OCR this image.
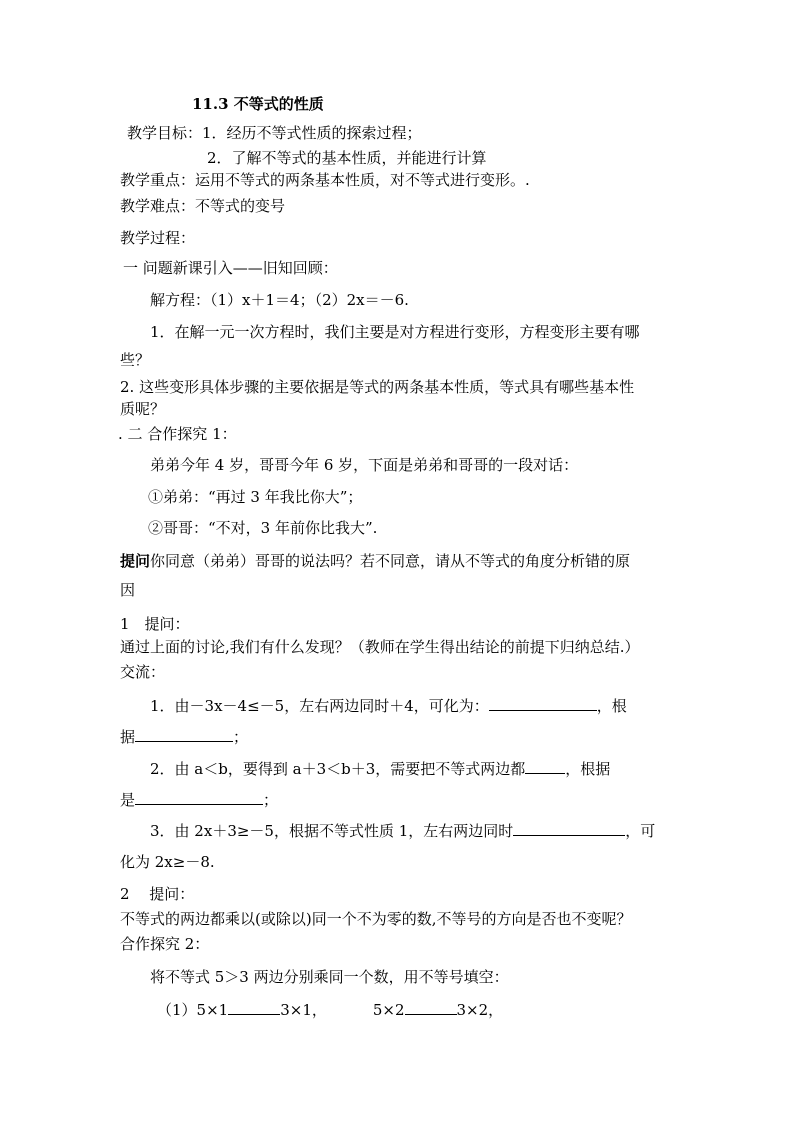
11.3 不等式的性质
教学目标：1．经历不等式性质的探索过程；
2．了解不等式的基本性质，并能进行计算
教学重点：运用不等式的两条基本性质，对不等式进行变形。.
教学难点：不等式的变号
教学过程：
一 问题新课引入——旧知回顾：
解方程：（1）x＋1＝4；（2）2x＝－6.
1．在解一元一次方程时，我们主要是对方程进行变形，方程变形主要有哪
些？
2. 这些变形具体步骤的主要依据是等式的两条基本性质，等式具有哪些基本性
质呢？
. 二 合作探究 1：
弟弟今年 4 岁，哥哥今年 6 岁，下面是弟弟和哥哥的一段对话：
①弟弟：“再过 3 年我比你大”；
②哥哥：“不对，3 年前你比我大”.
提问你同意（弟弟）哥哥的说法吗？若不同意，请从不等式的角度分析错的原
因
1　提问：
通过上面的讨论,我们有什么发现？（教师在学生得出结论的前提下归纳总结.）
交流：
1．由－3x－4≤－5，左右两边同时＋4，可化为：	，根
据	；
2．由 a＜b，要得到 a＋3＜b＋3，需要把不等式两边都	，根据
是	；
3．由 2x＋3≥－5，根据不等式性质 1，左右两边同时	，可
化为 2x≥－8.
2　 提问：
不等式的两边都乘以(或除以)同一个不为零的数,不等号的方向是否也不变呢？
合作探究 2：
将不等式 5＞3 两边分别乘同一个数，用不等号填空：
（1）5×1	3×1，	5×2	3×2，
